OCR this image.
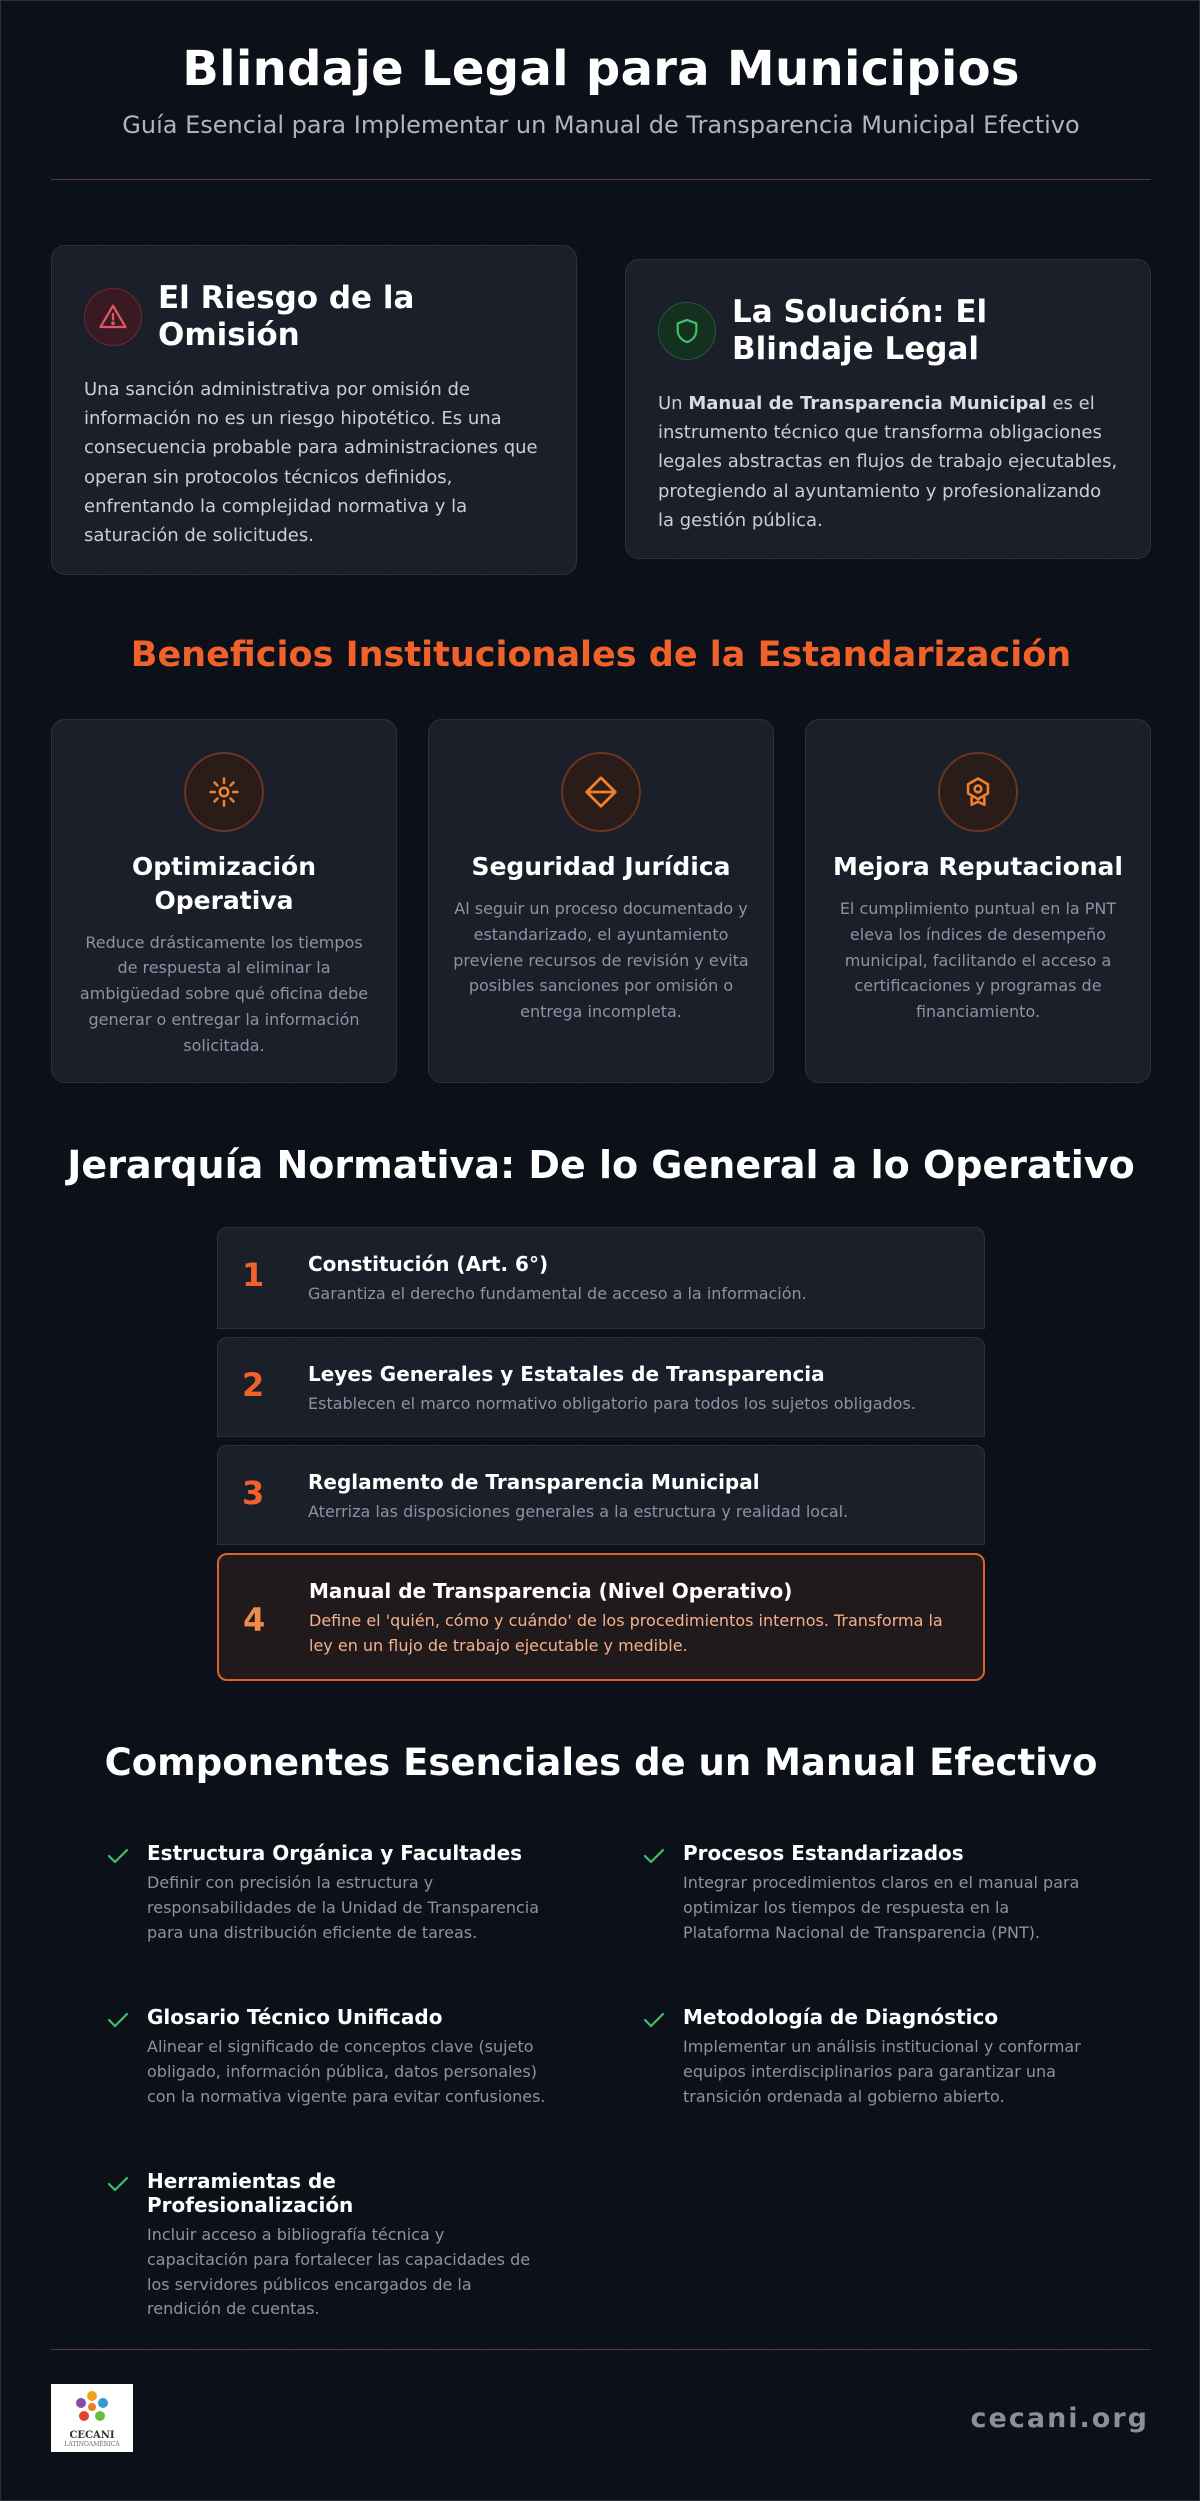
Blindaje Legal para Municipios

Guía Esencial para Implementar un Manual de Transparencia Municipal Efectivo

El Riesgo de la Omisión
Una sanción administrativa por omisión de información no es un riesgo hipotético. Es una consecuencia probable para administraciones que operan sin protocolos técnicos definidos, enfrentando la complejidad normativa y la saturación de solicitudes.
La Solución: El Blindaje Legal
Un Manual de Transparencia Municipal es el instrumento técnico que transforma obligaciones legales abstractas en flujos de trabajo ejecutables, protegiendo al ayuntamiento y profesionalizando la gestión pública.
Beneficios Institucionales de la Estandarización
Optimización Operativa

Reduce drásticamente los tiempos de respuesta al eliminar la ambigüedad sobre qué oficina debe generar o entregar la información solicitada.

Seguridad Jurídica

Al seguir un proceso documentado y estandarizado, el ayuntamiento previene recursos de revisión y evita posibles sanciones por omisión o entrega incompleta.

Mejora Reputacional

El cumplimiento puntual en la PNT eleva los índices de desempeño municipal, facilitando el acceso a certificaciones y programas de financiamiento.

Jerarquía Normativa: De lo General a lo Operativo
1	Constitución (Art. 6°)
Garantiza el derecho fundamental de acceso a la información.
2	Leyes Generales y Estatales de Transparencia
Establecen el marco normativo obligatorio para todos los sujetos obligados.
3	Reglamento de Transparencia Municipal
Aterriza las disposiciones generales a la estructura y realidad local.
4
Manual de Transparencia (Nivel Operativo)
Define el 'quién, cómo y cuándo' de los procedimientos internos. Transforma la ley en un flujo de trabajo ejecutable y medible.
Componentes Esenciales de un Manual Efectivo
Estructura Orgánica y Facultades
Definir con precisión la estructura y responsabilidades de la Unidad de Transparencia para una distribución eficiente de tareas.
Procesos Estandarizados
Integrar procedimientos claros en el manual para optimizar los tiempos de respuesta en la Plataforma Nacional de Transparencia (PNT).
Glosario Técnico Unificado
Alinear el significado de conceptos clave (sujeto obligado, información pública, datos personales) con la normativa vigente para evitar confusiones.
Metodología de Diagnóstico
Implementar un análisis institucional y conformar equipos interdisciplinarios para garantizar una transición ordenada al gobierno abierto.
Herramientas de Profesionalización
Incluir acceso a bibliografía técnica y capacitación para fortalecer las capacidades de los servidores públicos encargados de la rendición de cuentas.
CECANI
LATINOAMÉRICA
cecani.org
